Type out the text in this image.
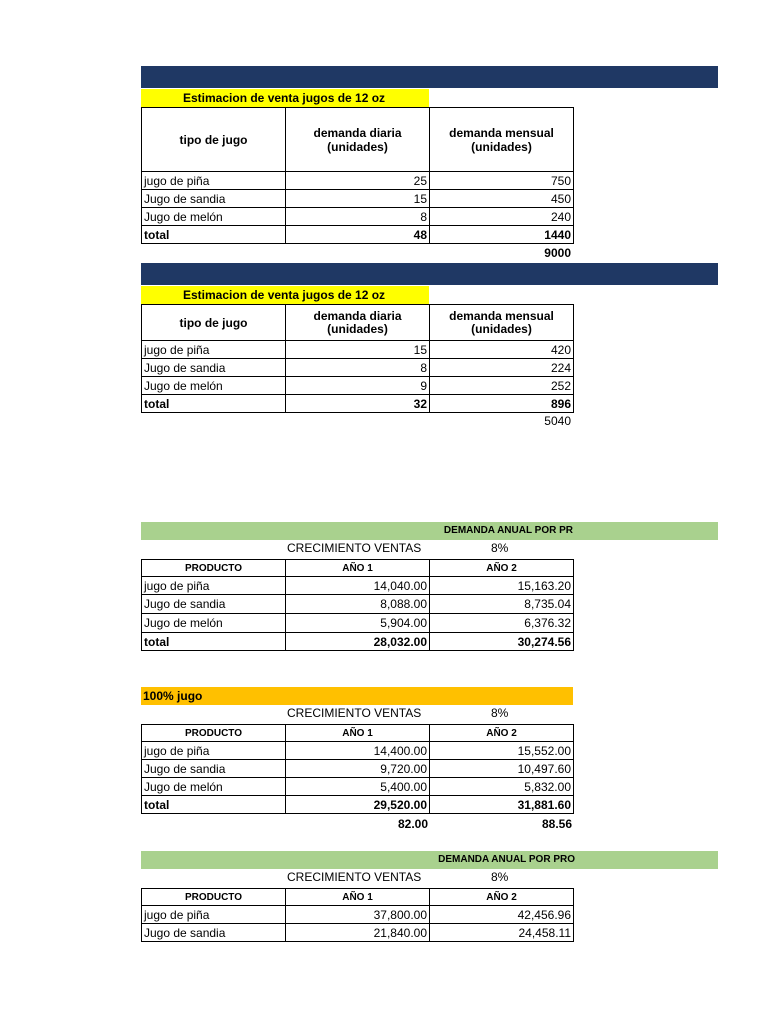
Estimacion de venta jugos de 12 oz
tipo de jugo	demanda diaria (unidades)	demanda mensual (unidades)
jugo de piña	25	750
Jugo de sandia	15	450
Jugo de melón	8	240
total	48	1440
9000
Estimacion de venta jugos de 12 oz
tipo de jugo	demanda diaria (unidades)	demanda mensual (unidades)
jugo de piña	15	420
Jugo de sandia	8	224
Jugo de melón	9	252
total	32	896
5040
DEMANDA ANUAL POR PR
CRECIMIENTO VENTAS	8%
PRODUCTO	AÑO 1	AÑO 2
jugo de piña	14,040.00	15,163.20
Jugo de sandia	8,088.00	8,735.04
Jugo de melón	5,904.00	6,376.32
total	28,032.00	30,274.56
100% jugo
CRECIMIENTO VENTAS	8%
PRODUCTO	AÑO 1	AÑO 2
jugo de piña	14,400.00	15,552.00
Jugo de sandia	9,720.00	10,497.60
Jugo de melón	5,400.00	5,832.00
total	29,520.00	31,881.60
82.00	88.56
DEMANDA ANUAL POR PRO
CRECIMIENTO VENTAS	8%
PRODUCTO	AÑO 1	AÑO 2
jugo de piña	37,800.00	42,456.96
Jugo de sandia	21,840.00	24,458.11
